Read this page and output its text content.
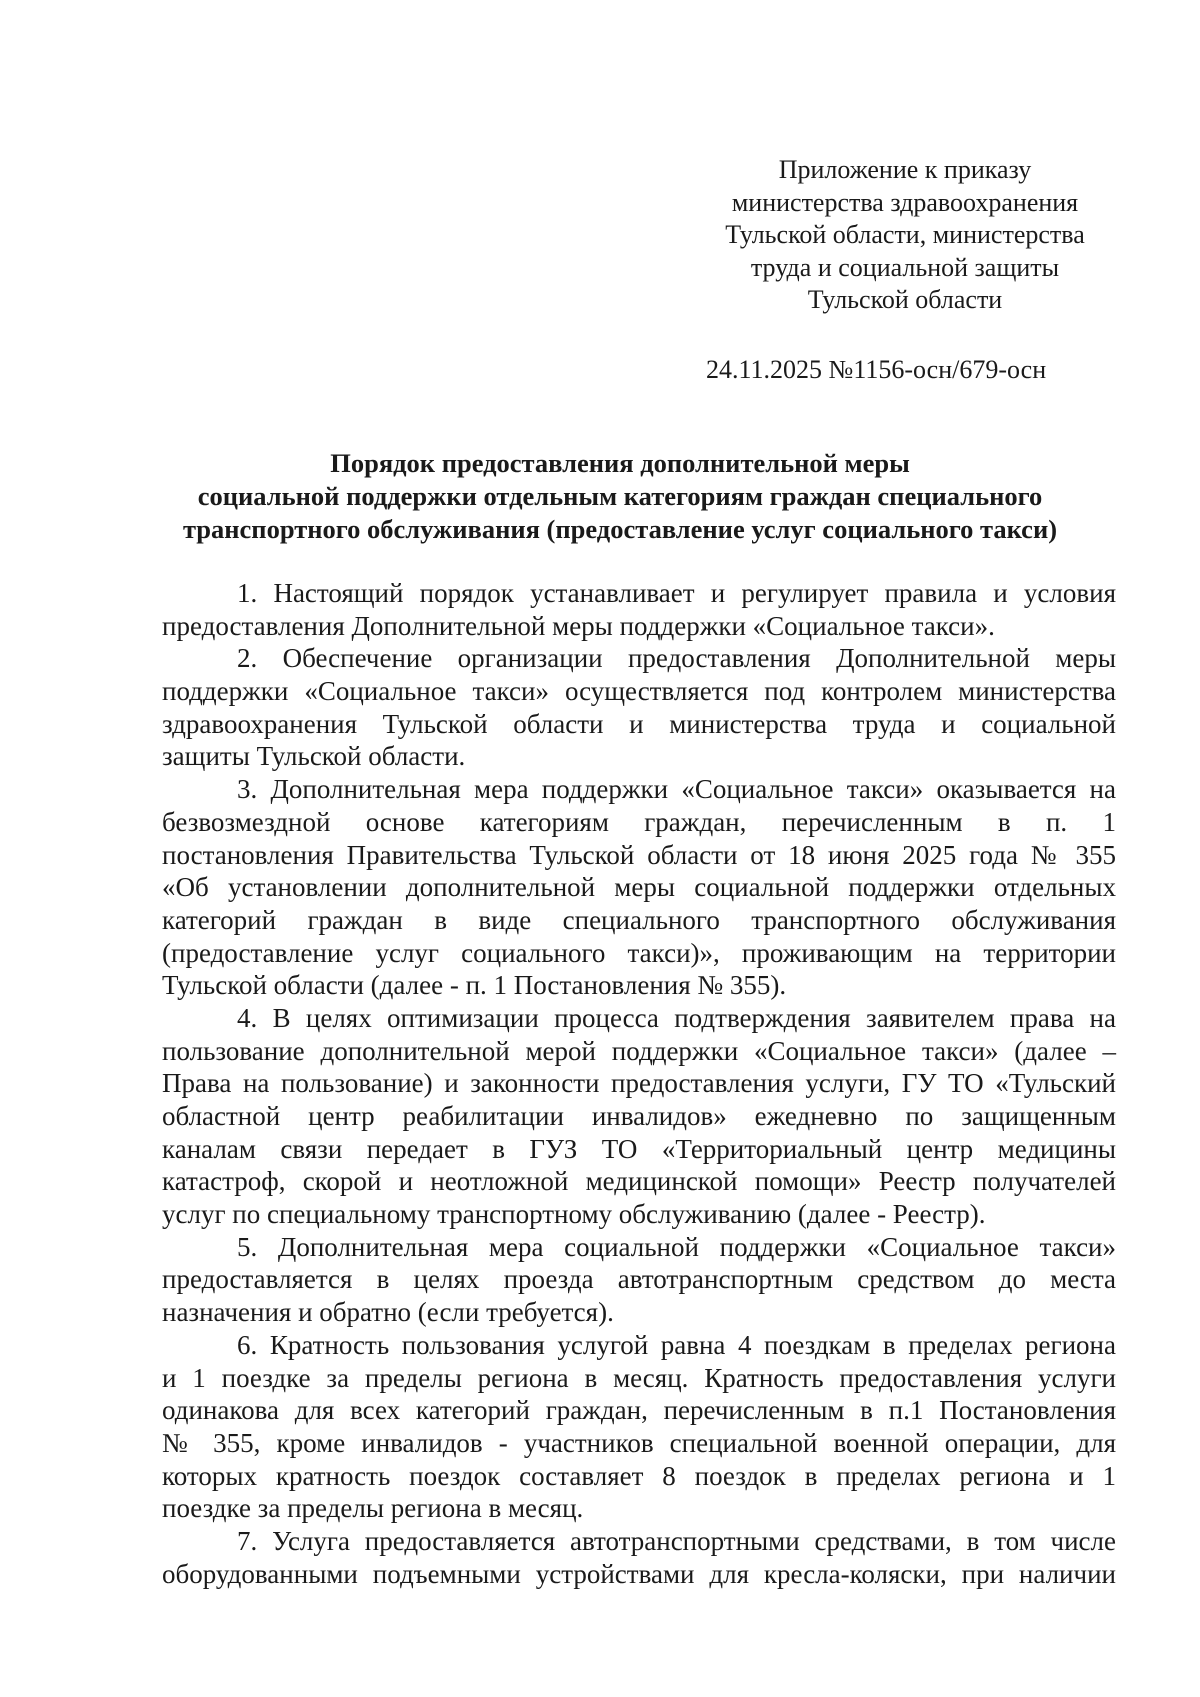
Приложение к приказу
министерства здравоохранения
Тульской области, министерства
труда и социальной защиты
Тульской области
24.11.2025 №1156-осн/679-осн
Порядок предоставления дополнительной меры
социальной поддержки отдельным категориям граждан специального
транспортного обслуживания (предоставление услуг социального такси)
1. Настоящий порядок устанавливает и регулирует правила и условия
предоставления Дополнительной меры поддержки «Социальное такси».
2. Обеспечение организации предоставления Дополнительной меры
поддержки «Социальное такси» осуществляется под контролем министерства
здравоохранения Тульской области и министерства труда и социальной
защиты Тульской области.
3. Дополнительная мера поддержки «Социальное такси» оказывается на
безвозмездной основе категориям граждан, перечисленным в п. 1
постановления Правительства Тульской области от 18 июня 2025 года № 355
«Об установлении дополнительной меры социальной поддержки отдельных
категорий граждан в виде специального транспортного обслуживания
(предоставление услуг социального такси)», проживающим на территории
Тульской области (далее - п. 1 Постановления № 355).
4. В целях оптимизации процесса подтверждения заявителем права на
пользование дополнительной мерой поддержки «Социальное такси» (далее –
Права на пользование) и законности предоставления услуги, ГУ ТО «Тульский
областной центр реабилитации инвалидов» ежедневно по защищенным
каналам связи передает в ГУЗ ТО «Территориальный центр медицины
катастроф, скорой и неотложной медицинской помощи» Реестр получателей
услуг по специальному транспортному обслуживанию (далее - Реестр).
5. Дополнительная мера социальной поддержки «Социальное такси»
предоставляется в целях проезда автотранспортным средством до места
назначения и обратно (если требуется).
6. Кратность пользования услугой равна 4 поездкам в пределах региона
и 1 поездке за пределы региона в месяц. Кратность предоставления услуги
одинакова для всех категорий граждан, перечисленным в п.1 Постановления
№ 355, кроме инвалидов - участников специальной военной операции, для
которых кратность поездок составляет 8 поездок в пределах региона и 1
поездке за пределы региона в месяц.
7. Услуга предоставляется автотранспортными средствами, в том числе
оборудованными подъемными устройствами для кресла-коляски, при наличии
